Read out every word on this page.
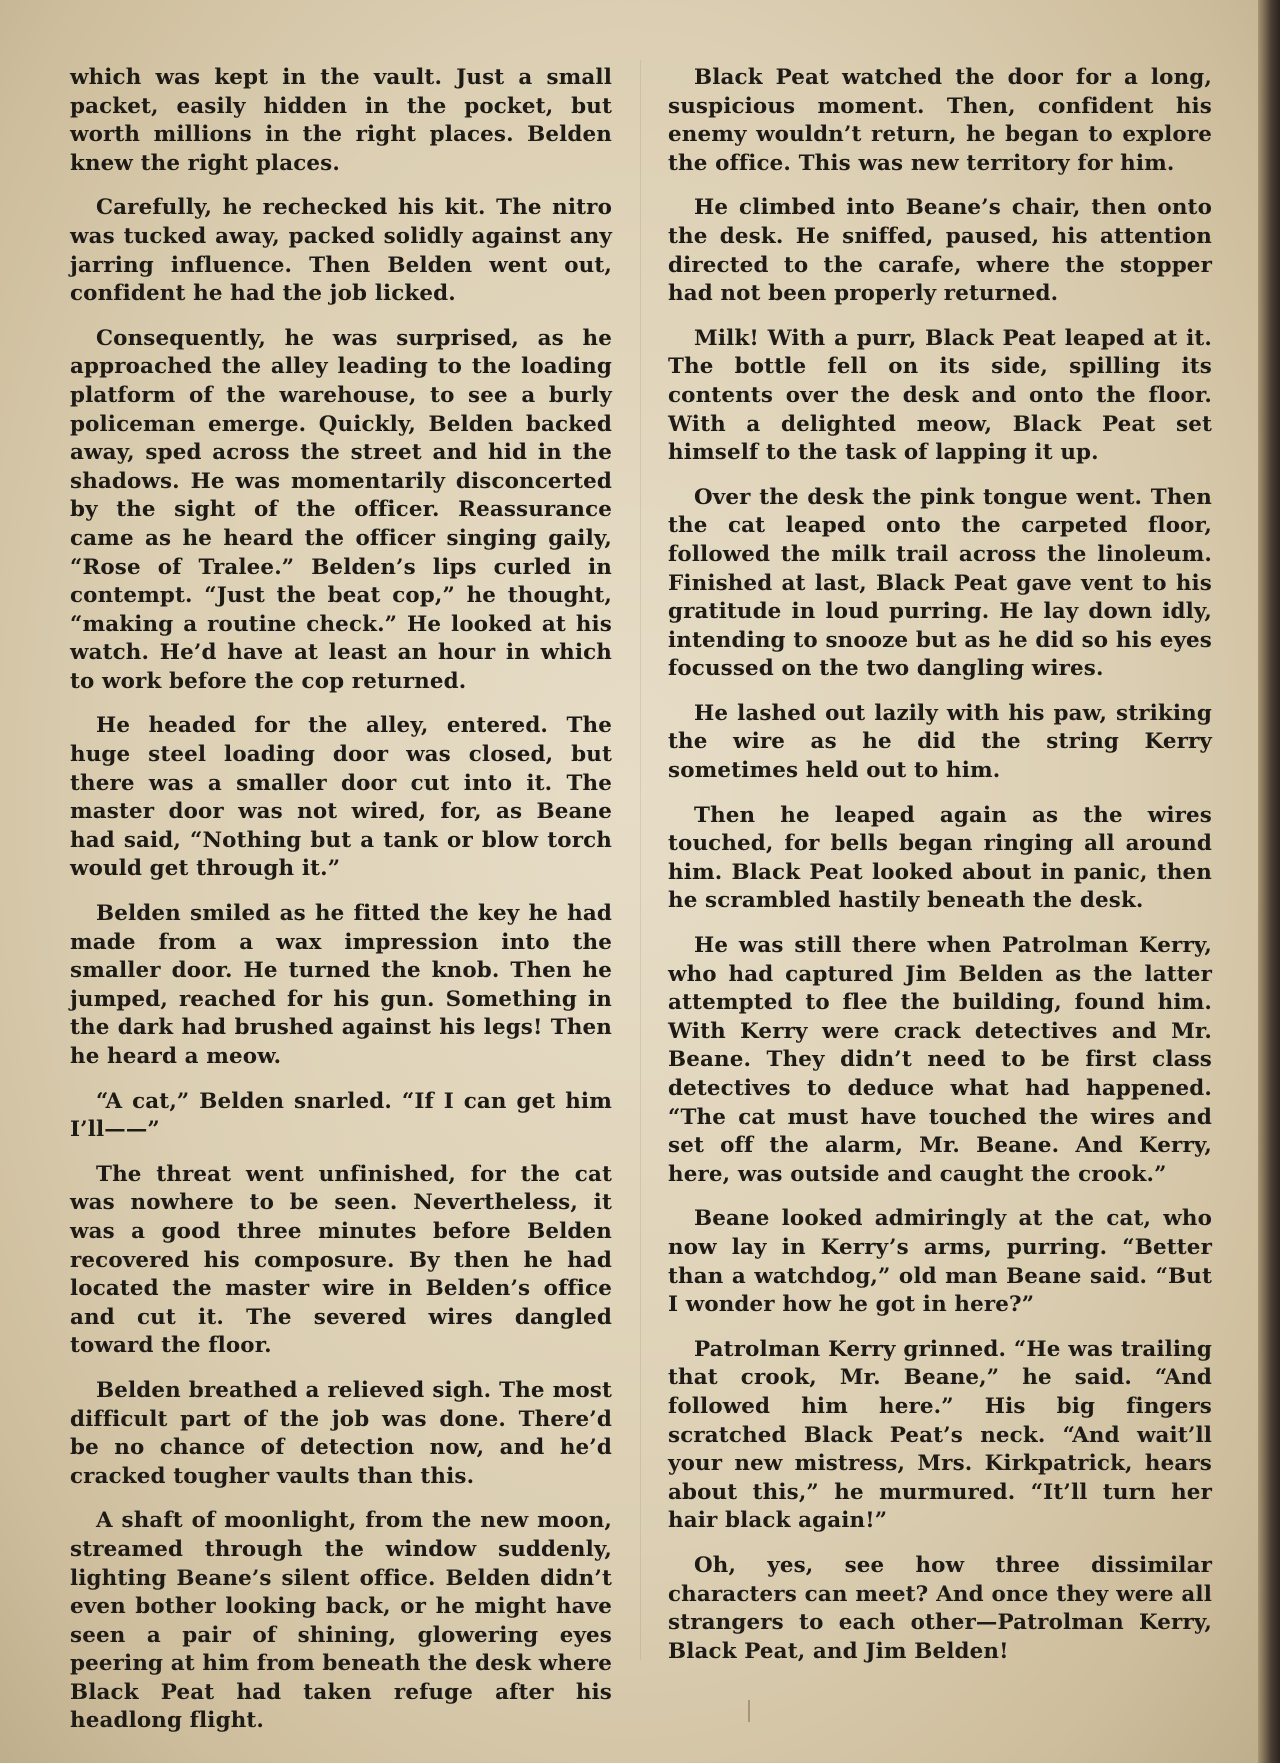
which was kept in the vault. Just a small packet, easily hidden in the pocket, but worth millions in the right places. Belden knew the right places.

Carefully, he rechecked his kit. The nitro was tucked away, packed solidly against any jarring influence. Then Belden went out, confident he had the job licked.

Consequently, he was surprised, as he approached the alley leading to the loading platform of the warehouse, to see a burly policeman emerge. Quickly, Belden backed away, sped across the street and hid in the shadows. He was momentarily disconcerted by the sight of the officer. Reassurance came as he heard the officer singing gaily, “Rose of Tralee.” Belden’s lips curled in contempt. “Just the beat cop,” he thought, “making a routine check.” He looked at his watch. He’d have at least an hour in which to work before the cop returned.

He headed for the alley, entered. The huge steel loading door was closed, but there was a smaller door cut into it. The master door was not wired, for, as Beane had said, “Nothing but a tank or blow torch would get through it.”

Belden smiled as he fitted the key he had made from a wax impression into the smaller door. He turned the knob. Then he jumped, reached for his gun. Something in the dark had brushed against his legs! Then he heard a meow.

“A cat,” Belden snarled. “If I can get him I’ll——”

The threat went unfinished, for the cat was nowhere to be seen. Nevertheless, it was a good three minutes before Belden recovered his composure. By then he had located the master wire in Belden’s office and cut it. The severed wires dangled toward the floor.

Belden breathed a relieved sigh. The most difficult part of the job was done. There’d be no chance of detection now, and he’d cracked tougher vaults than this.

A shaft of moonlight, from the new moon, streamed through the window suddenly, lighting Beane’s silent office. Belden didn’t even bother looking back, or he might have seen a pair of shining, glowering eyes peering at him from beneath the desk where Black Peat had taken refuge after his headlong flight.

Black Peat watched the door for a long, suspicious moment. Then, confident his enemy wouldn’t return, he began to explore the office. This was new territory for him.

He climbed into Beane’s chair, then onto the desk. He sniffed, paused, his attention directed to the carafe, where the stopper had not been properly returned.

Milk! With a purr, Black Peat leaped at it. The bottle fell on its side, spilling its contents over the desk and onto the floor. With a delighted meow, Black Peat set himself to the task of lapping it up.

Over the desk the pink tongue went. Then the cat leaped onto the carpeted floor, followed the milk trail across the linoleum. Finished at last, Black Peat gave vent to his gratitude in loud purring. He lay down idly, intending to snooze but as he did so his eyes focussed on the two dangling wires.

He lashed out lazily with his paw, striking the wire as he did the string Kerry sometimes held out to him.

Then he leaped again as the wires touched, for bells began ringing all around him. Black Peat looked about in panic, then he scrambled hastily beneath the desk.

He was still there when Patrolman Kerry, who had captured Jim Belden as the latter attempted to flee the building, found him. With Kerry were crack detectives and Mr. Beane. They didn’t need to be first class detectives to deduce what had happened. “The cat must have touched the wires and set off the alarm, Mr. Beane. And Kerry, here, was outside and caught the crook.”

Beane looked admiringly at the cat, who now lay in Kerry’s arms, purring. “Better than a watchdog,” old man Beane said. “But I wonder how he got in here?”

Patrolman Kerry grinned. “He was trailing that crook, Mr. Beane,” he said. “And followed him here.” His big fingers scratched Black Peat’s neck. “And wait’ll your new mistress, Mrs. Kirkpatrick, hears about this,” he murmured. “It’ll turn her hair black again!”

Oh, yes, see how three dissimilar characters can meet? And once they were all strangers to each other—Patrolman Kerry, Black Peat, and Jim Belden!
